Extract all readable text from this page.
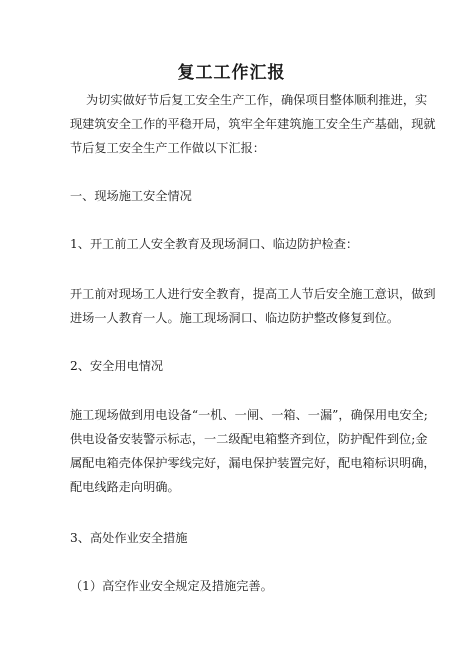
复工工作汇报

为切实做好节后复工安全生产工作，确保项目整体顺利推进，实
现建筑安全工作的平稳开局，筑牢全年建筑施工安全生产基础，现就
节后复工安全生产工作做以下汇报：

一、现场施工安全情况
1、开工前工人安全教育及现场洞口、临边防护检查：

开工前对现场工人进行安全教育，提高工人节后安全施工意识，做到
进场一人教育一人。施工现场洞口、临边防护整改修复到位。

2、安全用电情况

施工现场做到用电设备“一机、一闸、一箱、一漏”，确保用电安全;
供电设备安装警示标志，一二级配电箱整齐到位，防护配件到位;金
属配电箱壳体保护零线完好，漏电保护装置完好，配电箱标识明确，
配电线路走向明确。

3、高处作业安全措施
（1）高空作业安全规定及措施完善。
